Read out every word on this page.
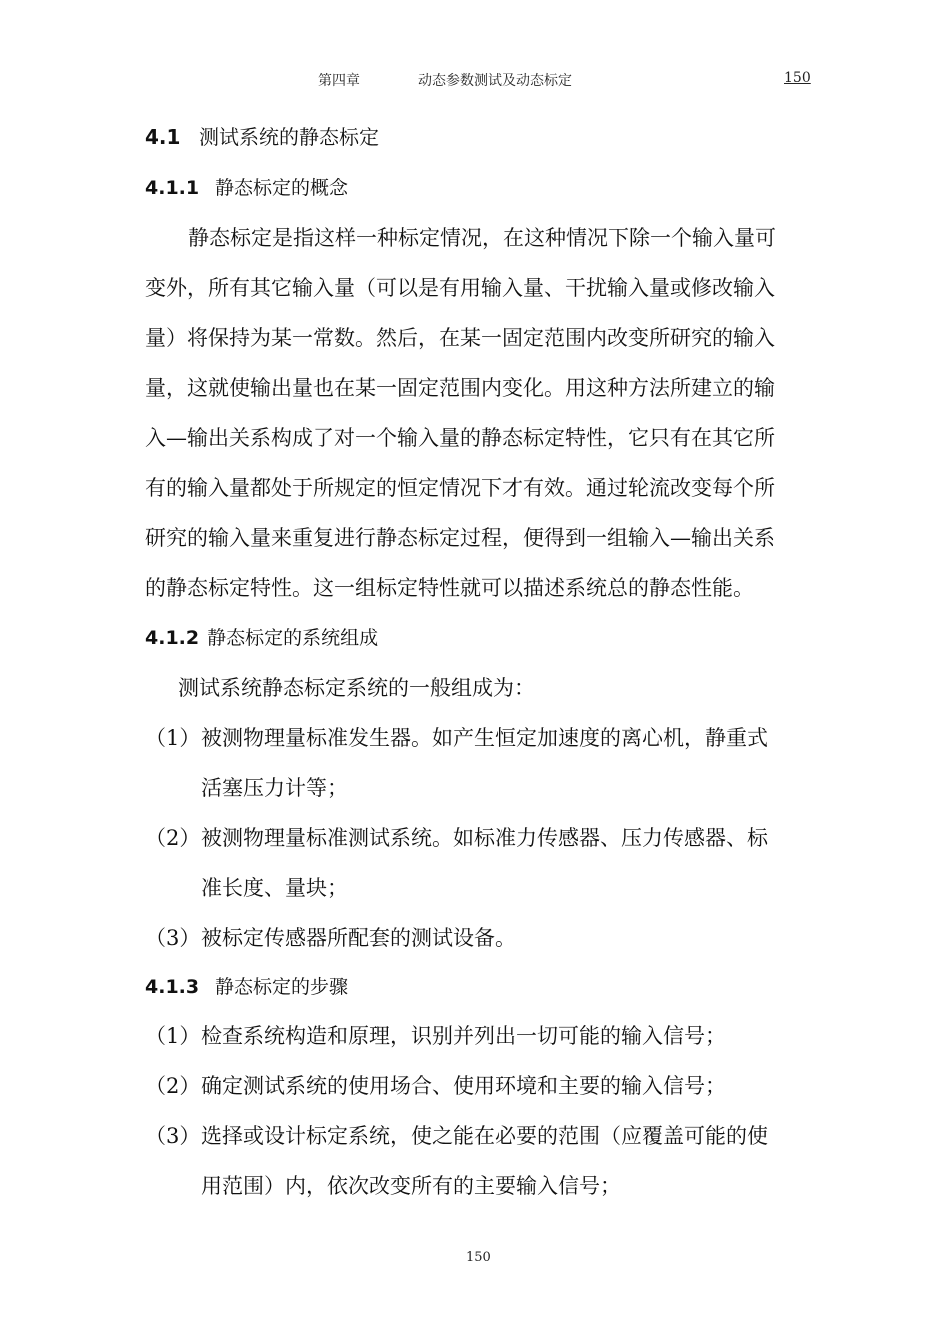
第四章	动态参数测试及动态标定	150
4.1 测试系统的静态标定
4.1.1 静态标定的概念
静态标定是指这样一种标定情况，在这种情况下除一个输入量可
变外，所有其它输入量（可以是有用输入量、干扰输入量或修改输入
量）将保持为某一常数。然后，在某一固定范围内改变所研究的输入
量，这就使输出量也在某一固定范围内变化。用这种方法所建立的输
入—输出关系构成了对一个输入量的静态标定特性，它只有在其它所
有的输入量都处于所规定的恒定情况下才有效。通过轮流改变每个所
研究的输入量来重复进行静态标定过程，便得到一组输入—输出关系
的静态标定特性。这一组标定特性就可以描述系统总的静态性能。
4.1.2 静态标定的系统组成
测试系统静态标定系统的一般组成为：
（1） 被测物理量标准发生器。如产生恒定加速度的离心机，静重式
活塞压力计等；
（2） 被测物理量标准测试系统。如标准力传感器、压力传感器、标
准长度、量块；
（3） 被标定传感器所配套的测试设备。
4.1.3 静态标定的步骤
（1） 检查系统构造和原理，识别并列出一切可能的输入信号；
（2） 确定测试系统的使用场合、使用环境和主要的输入信号；
（3） 选择或设计标定系统，使之能在必要的范围（应覆盖可能的使
用范围）内，依次改变所有的主要输入信号；
150
